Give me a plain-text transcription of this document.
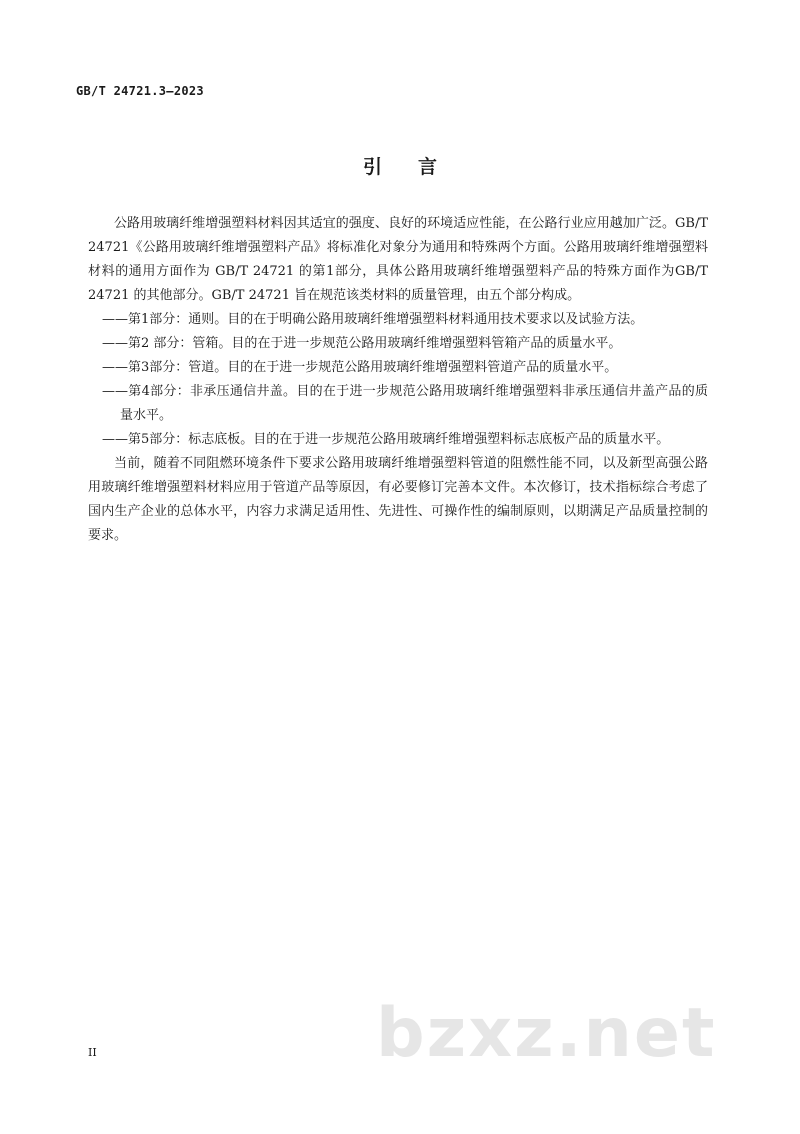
GB/T 24721.3—2023
引言

公路用玻璃纤维增强塑料材料因其适宜的强度、良好的环境适应性能，在公路行业应用越加广泛。GB/T 24721《公路用玻璃纤维增强塑料产品》将标准化对象分为通用和特殊两个方面。公路用玻璃纤维增强塑料材料的通用方面作为 GB/T 24721 的第1部分，具体公路用玻璃纤维增强塑料产品的特殊方面作为GB/T 24721 的其他部分。GB/T 24721 旨在规范该类材料的质量管理，由五个部分构成。

——第1部分：通则。目的在于明确公路用玻璃纤维增强塑料材料通用技术要求以及试验方法。
——第2 部分：管箱。目的在于进一步规范公路用玻璃纤维增强塑料管箱产品的质量水平。
——第3部分：管道。目的在于进一步规范公路用玻璃纤维增强塑料管道产品的质量水平。
——第4部分：非承压通信井盖。目的在于进一步规范公路用玻璃纤维增强塑料非承压通信井盖产品的质量水平。
——第5部分：标志底板。目的在于进一步规范公路用玻璃纤维增强塑料标志底板产品的质量水平。

当前，随着不同阻燃环境条件下要求公路用玻璃纤维增强塑料管道的阻燃性能不同，以及新型高强公路用玻璃纤维增强塑料材料应用于管道产品等原因，有必要修订完善本文件。本次修订，技术指标综合考虑了国内生产企业的总体水平，内容力求满足适用性、先进性、可操作性的编制原则，以期满足产品质量控制的要求。

bzxz.net
II
